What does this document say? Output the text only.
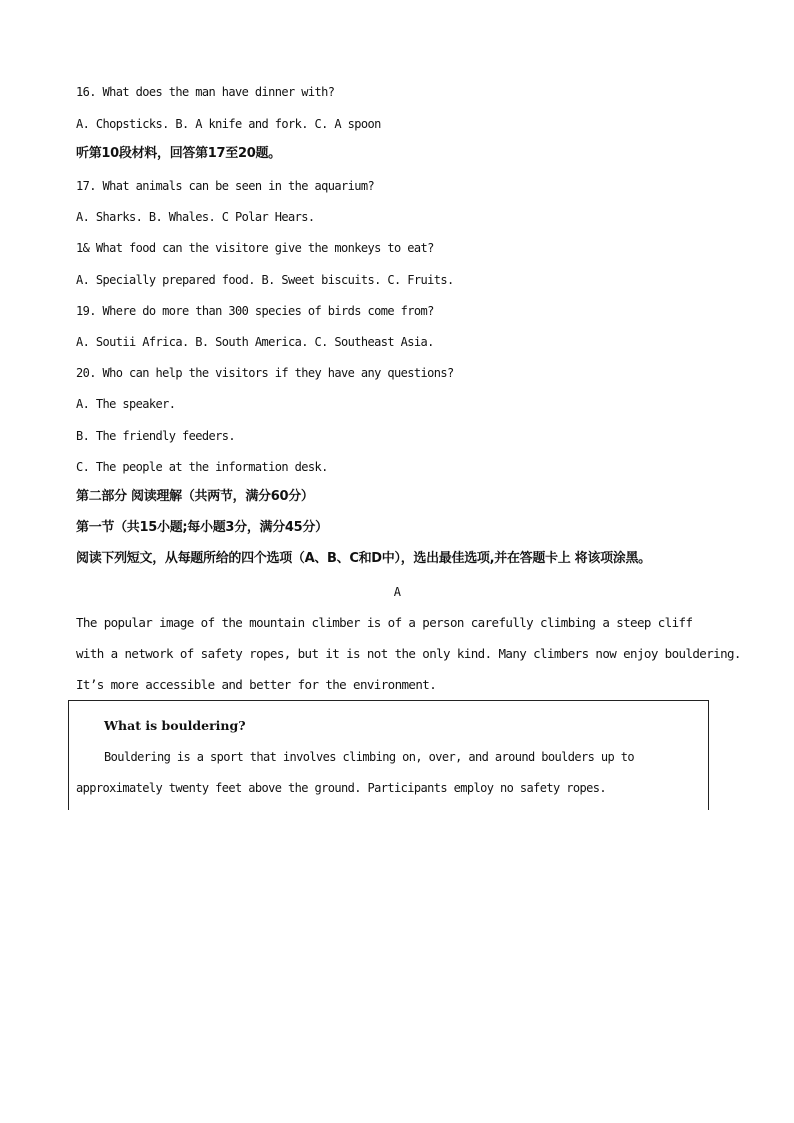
16. What does the man have dinner with?
A. Chopsticks. B. A knife and fork. C. A spoon
听第10段材料，回答第17至20题。
17. What animals can be seen in the aquarium?
A. Sharks. B. Whales. C Polar Hears.
1& What food can the visitore give the monkeys to eat?
A. Specially prepared food. B. Sweet biscuits. C. Fruits.
19. Where do more than 300 species of birds come from?
A. Soutii Africa. B. South America. C. Southeast Asia.
20. Who can help the visitors if they have any questions?
A. The speaker.
B. The friendly feeders.
C. The people at the information desk.
第二部分 阅读理解（共两节，满分60分）
第一节（共15小题;每小题3分，满分45分）
阅读下列短文，从每题所给的四个选项（A、B、C和D中），选出最佳选项,并在答题卡上 将该项涂黑。
A
The popular image of the mountain climber is of a person carefully climbing a steep cliff
with a network of safety ropes, but it is not the only kind. Many climbers now enjoy bouldering.
It’s more accessible and better for the environment.
What is bouldering?
Bouldering is a sport that involves climbing on, over, and around boulders up to
approximately twenty feet above the ground. Participants employ no safety ropes.
